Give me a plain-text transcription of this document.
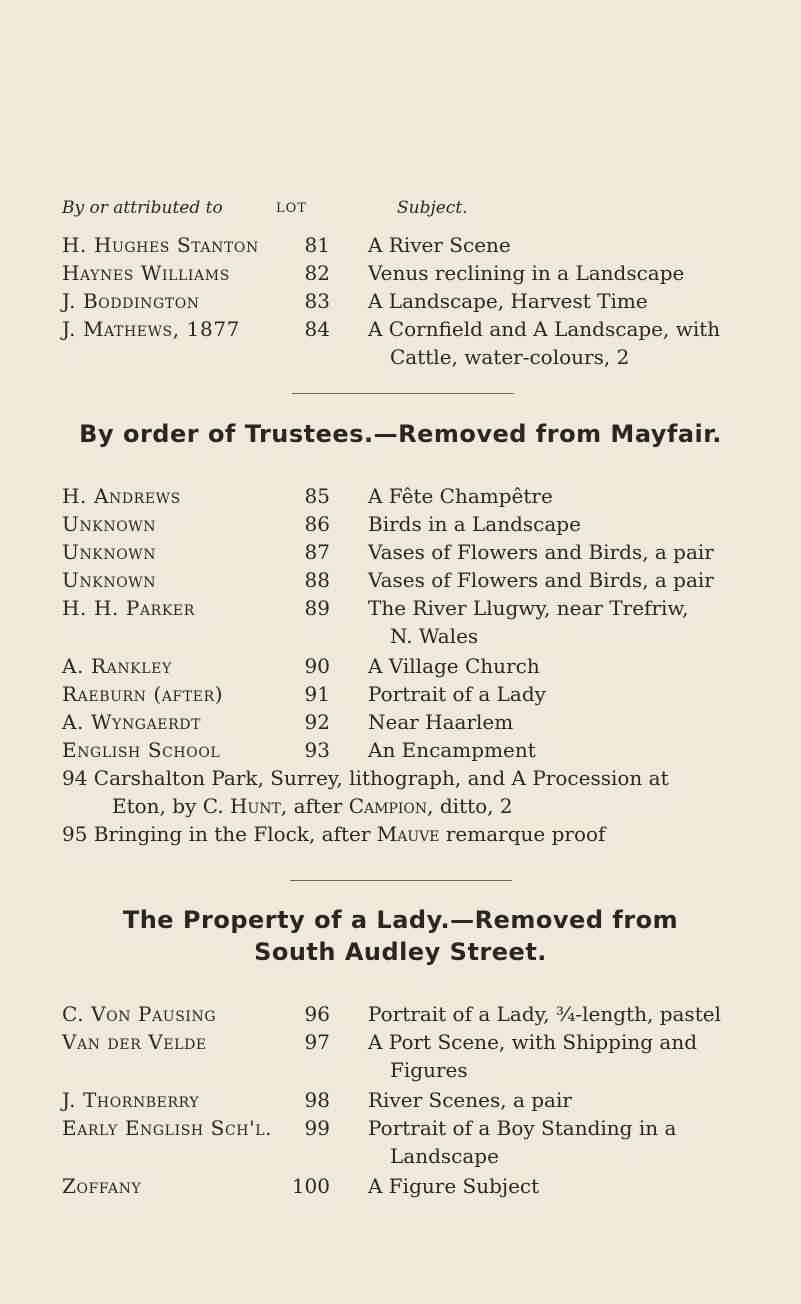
By or attributed to	LOT	Subject.
H. Hughes Stanton	81 A River Scene
Haynes Williams	82 Venus reclining in a Landscape
J. Boddington	83 A Landscape, Harvest Time
J. Mathews, 1877	84 A Cornfield and A Landscape, with
Cattle, water-colours, 2
By order of Trustees.—Removed from Mayfair.
H. Andrews	85 A Fête Champêtre
Unknown	86 Birds in a Landscape
Unknown	87 Vases of Flowers and Birds, a pair
Unknown	88 Vases of Flowers and Birds, a pair
H. H. Parker	89 The River Llugwy, near Trefriw,
N. Wales
A. Rankley	90 A Village Church
Raeburn (after)	91 Portrait of a Lady
A. Wyngaerdt	92 Near Haarlem
English School	93 An Encampment
94 Carshalton Park, Surrey, lithograph, and A Procession at
Eton, by C. Hunt, after Campion, ditto, 2
95 Bringing in the Flock, after Mauve remarque proof
The Property of a Lady.—Removed from
South Audley Street.
C. Von Pausing	96 Portrait of a Lady, ¾-length, pastel
Van der Velde	97 A Port Scene, with Shipping and
Figures
J. Thornberry	98 River Scenes, a pair
Early English Sch'l.	99 Portrait of a Boy Standing in a
Landscape
Zoffany	100 A Figure Subject
